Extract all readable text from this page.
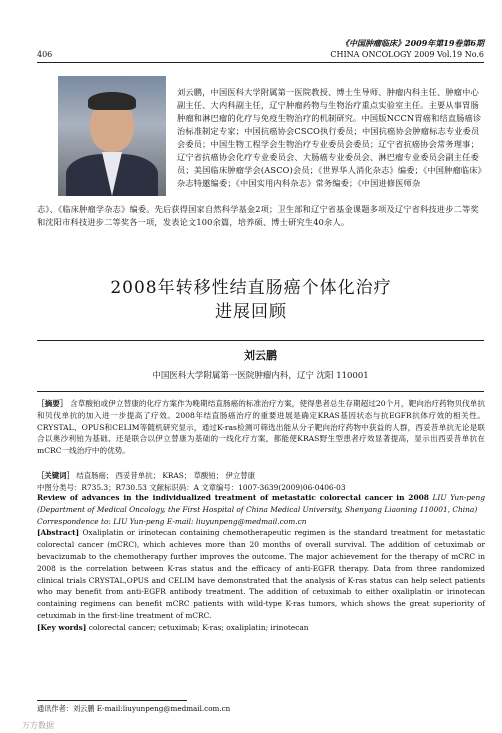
《中国肿瘤临床》2009年第19卷第6期
CHINA ONCOLOGY 2009 Vol.19 No.6
406
刘云鹏，中国医科大学附属第一医院教授、博士生导师、肿瘤内科主任、肿瘤中心副主任、大内科副主任，辽宁肿瘤药物与生物治疗重点实验室主任。主要从事胃肠肿瘤和淋巴瘤的化疗与免疫生物治疗的机制研究。中国版NCCN胃癌和结直肠癌诊治标准制定专家；中国抗癌协会CSCO执行委员；中国抗癌协会肿瘤标志专业委员会委员；中国生物工程学会生物治疗专业委员会委员；辽宁省抗癌协会常务理事；辽宁省抗癌协会化疗专业委员会、大肠癌专业委员会、淋巴瘤专业委员会副主任委员；美国临床肿瘤学会(ASCO)会员；《世界华人消化杂志》编委；《中国肿瘤临床》杂志特邀编委；《中国实用内科杂志》常务编委；《中国进修医师杂
志》、《临床肿瘤学杂志》编委。先后获得国家自然科学基金2项；卫生部和辽宁省基金课题多项及辽宁省科技进步二等奖和沈阳市科技进步二等奖各一项，发表论文100余篇，培养硕、博士研究生40余人。
2008年转移性结直肠癌个体化治疗
进展回顾
刘云鹏
中国医科大学附属第一医院肿瘤内科，辽宁 沈阳 110001
［摘要］ 含草酸铂或伊立替康的化疗方案作为晚期结直肠癌的标准治疗方案，使得患者总生存期超过20个月，靶向治疗药物贝伐单抗和贝伐单抗的加入进一步提高了疗效。2008年结直肠癌治疗的重要进展是确定KRAS基因状态与抗EGFR抗体疗效的相关性。CRYSTAL、OPUS和CELIM等随机研究显示，通过K-ras检测可筛选出能从分子靶向治疗药物中获益的人群，西妥昔单抗无论是联合以奥沙利铂为基础、还是联合以伊立替康为基础的一线化疗方案，都能使KRAS野生型患者疗效显著提高，显示出西妥昔单抗在mCRC一线治疗中的优势。
［关键词］ 结直肠癌； 西妥昔单抗； KRAS； 草酸铂； 伊立替康
中图分类号：R735.3；R730.53 文献标识码：A 文章编号：1007-3639(2009)06-0406-03
Review of advances in the individualized treatment of metastatic colorectal cancer in 2008 LIU Yun-peng (Department of Medical Oncology, the First Hospital of China Medical University, Shenyang Liaoning 110001, China)
Correspondence to: LIU Yun-peng E-mail: liuyunpeng@medmail.com.cn
[Abstract] Oxaliplatin or irinotecan containing chemotherapeutic regimen is the standard treatment for metastatic colorectal cancer (mCRC), which achieves more than 20 months of overall survival. The addition of cetuximab or bevacizumab to the chemotherapy further improves the outcome. The major achievement for the therapy of mCRC in 2008 is the correlation between K-ras status and the efficacy of anti-EGFR therapy. Data from three randomized clinical trials CRYSTAL,OPUS and CELIM have demonstrated that the analysis of K-ras status can help select patients who may benefit from anti-EGFR antibody treatment. The addition of cetuximab to either oxaliplatin or irinotecan containing regimens can benefit mCRC patients with wild-type K-ras tumors, which shows the great superiority of cetuximab in the first-line treatment of mCRC.
[Key words] colorectal cancer; cetuximab; K-ras; oxaliplatin; irinotecan
通讯作者：刘云鹏 E-mail:liuyunpeng@medmail.com.cn
万方数据
